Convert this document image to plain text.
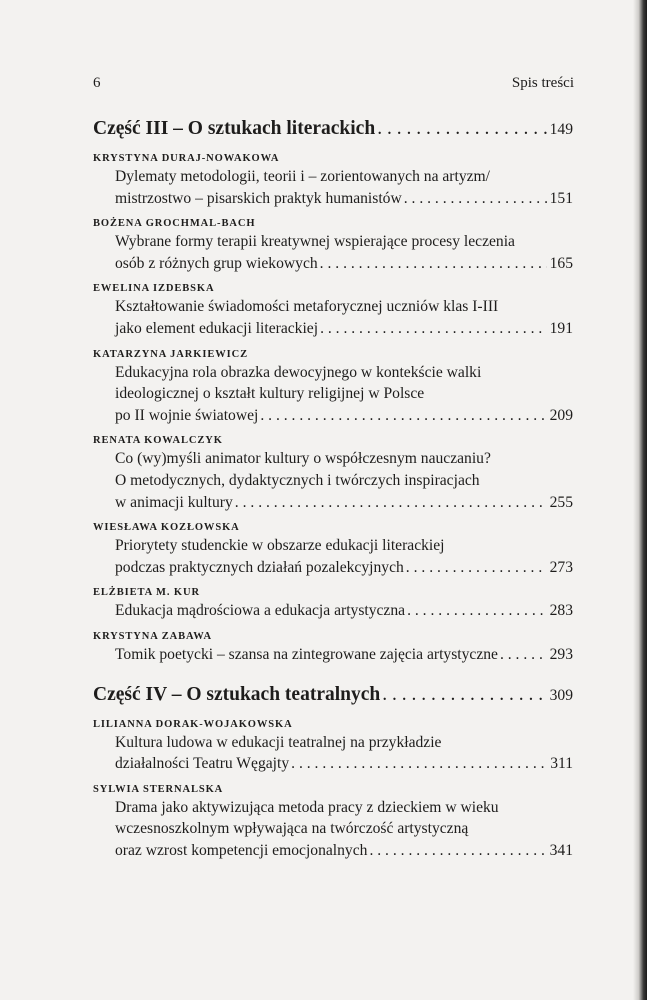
6	Spis treści
Część III – O sztukach literackich . . .	149
KRYSTYNA DURAJ-NOWAKOWA
Dylematy metodologii, teorii i – zorientowanych na artyzm/
mistrzostwo – pisarskich praktyk humanistów . . .	151
BOŻENA GROCHMAL-BACH
Wybrane formy terapii kreatywnej wspierające procesy leczenia
osób z różnych grup wiekowych . . .	165
EWELINA IZDEBSKA
Kształtowanie świadomości metaforycznej uczniów klas I-III
jako element edukacji literackiej . . .	191
KATARZYNA JARKIEWICZ
Edukacyjna rola obrazka dewocyjnego w kontekście walki
ideologicznej o kształt kultury religijnej w Polsce
po II wojnie światowej . . .	209
RENATA KOWALCZYK
Co (wy)myśli animator kultury o współczesnym nauczaniu?
O metodycznych, dydaktycznych i twórczych inspiracjach
w animacji kultury . . .	255
WIESŁAWA KOZŁOWSKA
Priorytety studenckie w obszarze edukacji literackiej
podczas praktycznych działań pozalekcyjnych . . .	273
ELŻBIETA M. KUR
Edukacja mądrościowa a edukacja artystyczna . . .	283
KRYSTYNA ZABAWA
Tomik poetycki – szansa na zintegrowane zajęcia artystyczne . . .	293
Część IV – O sztukach teatralnych . . .	309
LILIANNA DORAK-WOJAKOWSKA
Kultura ludowa w edukacji teatralnej na przykładzie
działalności Teatru Węgajty . . .	311
SYLWIA STERNALSKA
Drama jako aktywizująca metoda pracy z dzieckiem w wieku
wczesnoszkolnym wpływająca na twórczość artystyczną
oraz wzrost kompetencji emocjonalnych . . .	341
